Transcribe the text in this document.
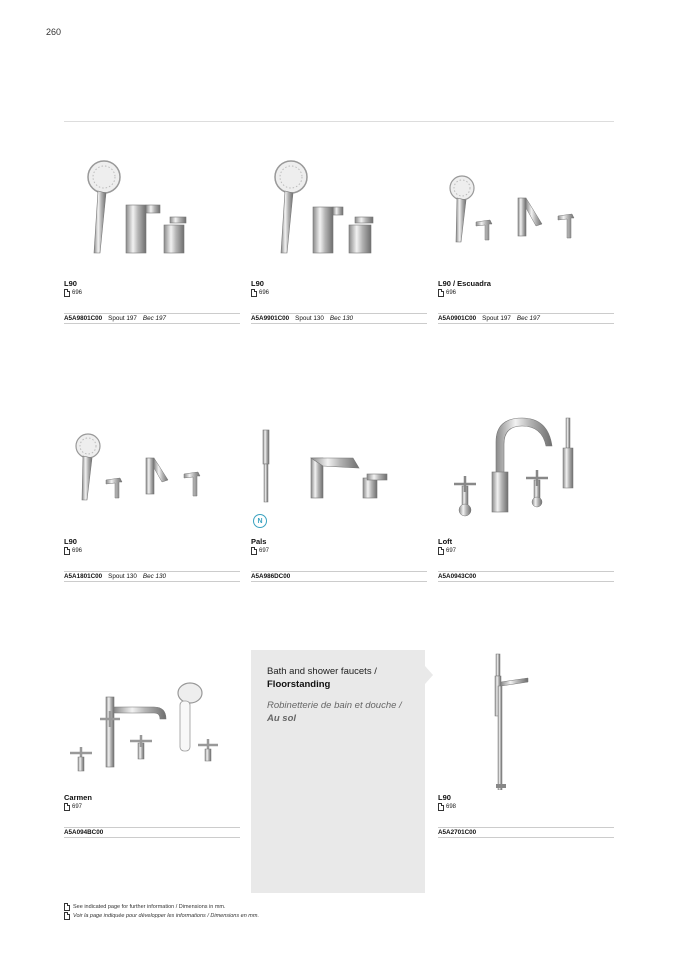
260
L90
696
A5A9801C00 Spout 197 Bec 197
L90
696
A5A9901C00 Spout 130 Bec 130
L90 / Escuadra
696
A5A0901C00 Spout 197 Bec 197
L90
696
A5A1801C00 Spout 130 Bec 130
N
Pals
697
A5A986DC00
Loft
697
A5A0943C00
Carmen
697
A5A094BC00
Bath and shower faucets /
Floorstanding
Robinetterie de bain et douche /
Au sol
L90
698
A5A2701C00
See indicated page for further information / Dimensions in mm.
Voir la page indiquée pour développer les informations / Dimensions en mm.
